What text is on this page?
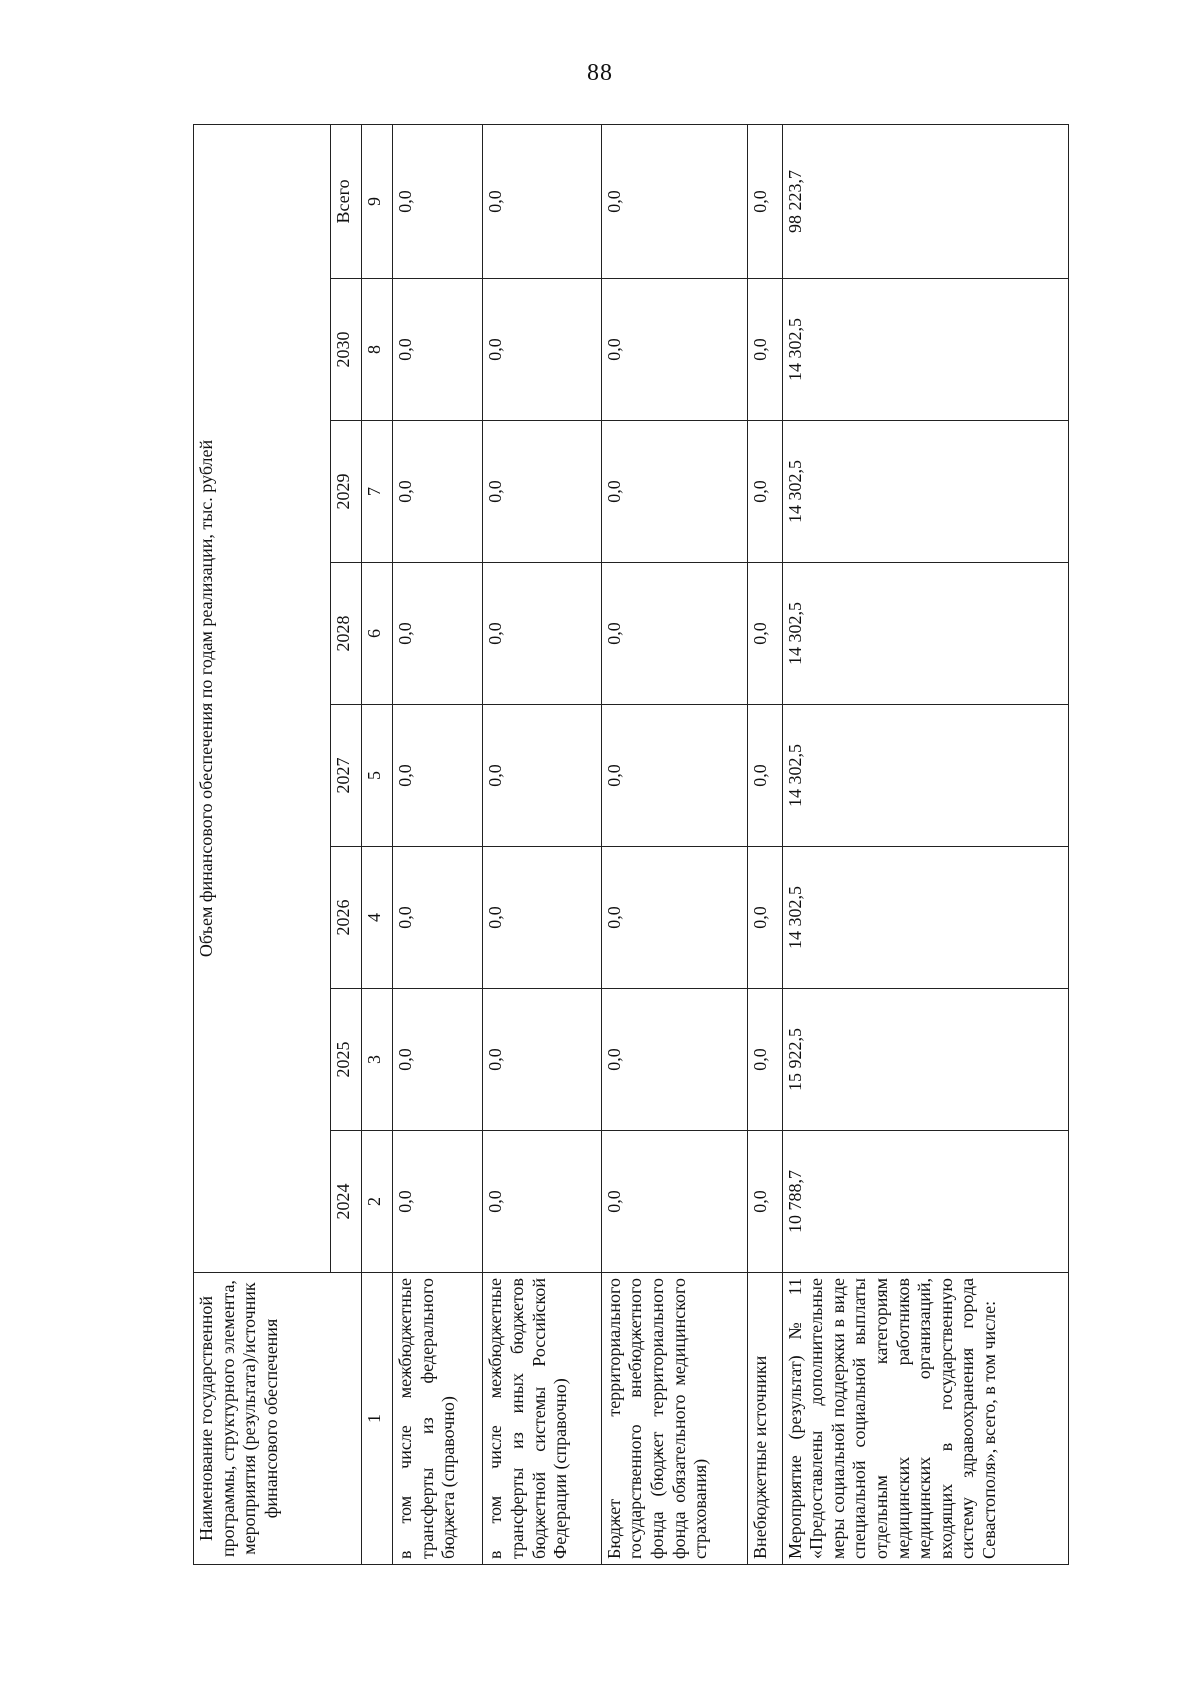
88
Наименование государственной программы, структурного элемента, мероприятия (результата)/источник финансового обеспечения	Объем финансового обеспечения по годам реализации, тыс. рублей							
	2024	2025	2026	2027	2028	2029	2030	Всего
1	2	3	4	5	6	7	8	9
в том числе межбюджетные трансферты из федерального бюджета (справочно)	0,0	0,0	0,0	0,0	0,0	0,0	0,0	0,0
в том числе межбюджетные трансферты из иных бюджетов бюджетной системы Российской Федерации (справочно)	0,0	0,0	0,0	0,0	0,0	0,0	0,0	0,0
Бюджет территориального государственного внебюджетного фонда (бюджет территориального фонда обязательного медицинского страхования)	0,0	0,0	0,0	0,0	0,0	0,0	0,0	0,0
Внебюджетные источники	0,0	0,0	0,0	0,0	0,0	0,0	0,0	0,0
Мероприятие (результат) № 11 «Предоставлены дополнительные меры социальной поддержки в виде специальной социальной выплаты отдельным категориям медицинских работников медицинских организаций, входящих в государственную систему здравоохранения города Севастополя», всего, в том числе:	10 788,7	15 922,5	14 302,5	14 302,5	14 302,5	14 302,5	14 302,5	98 223,7
